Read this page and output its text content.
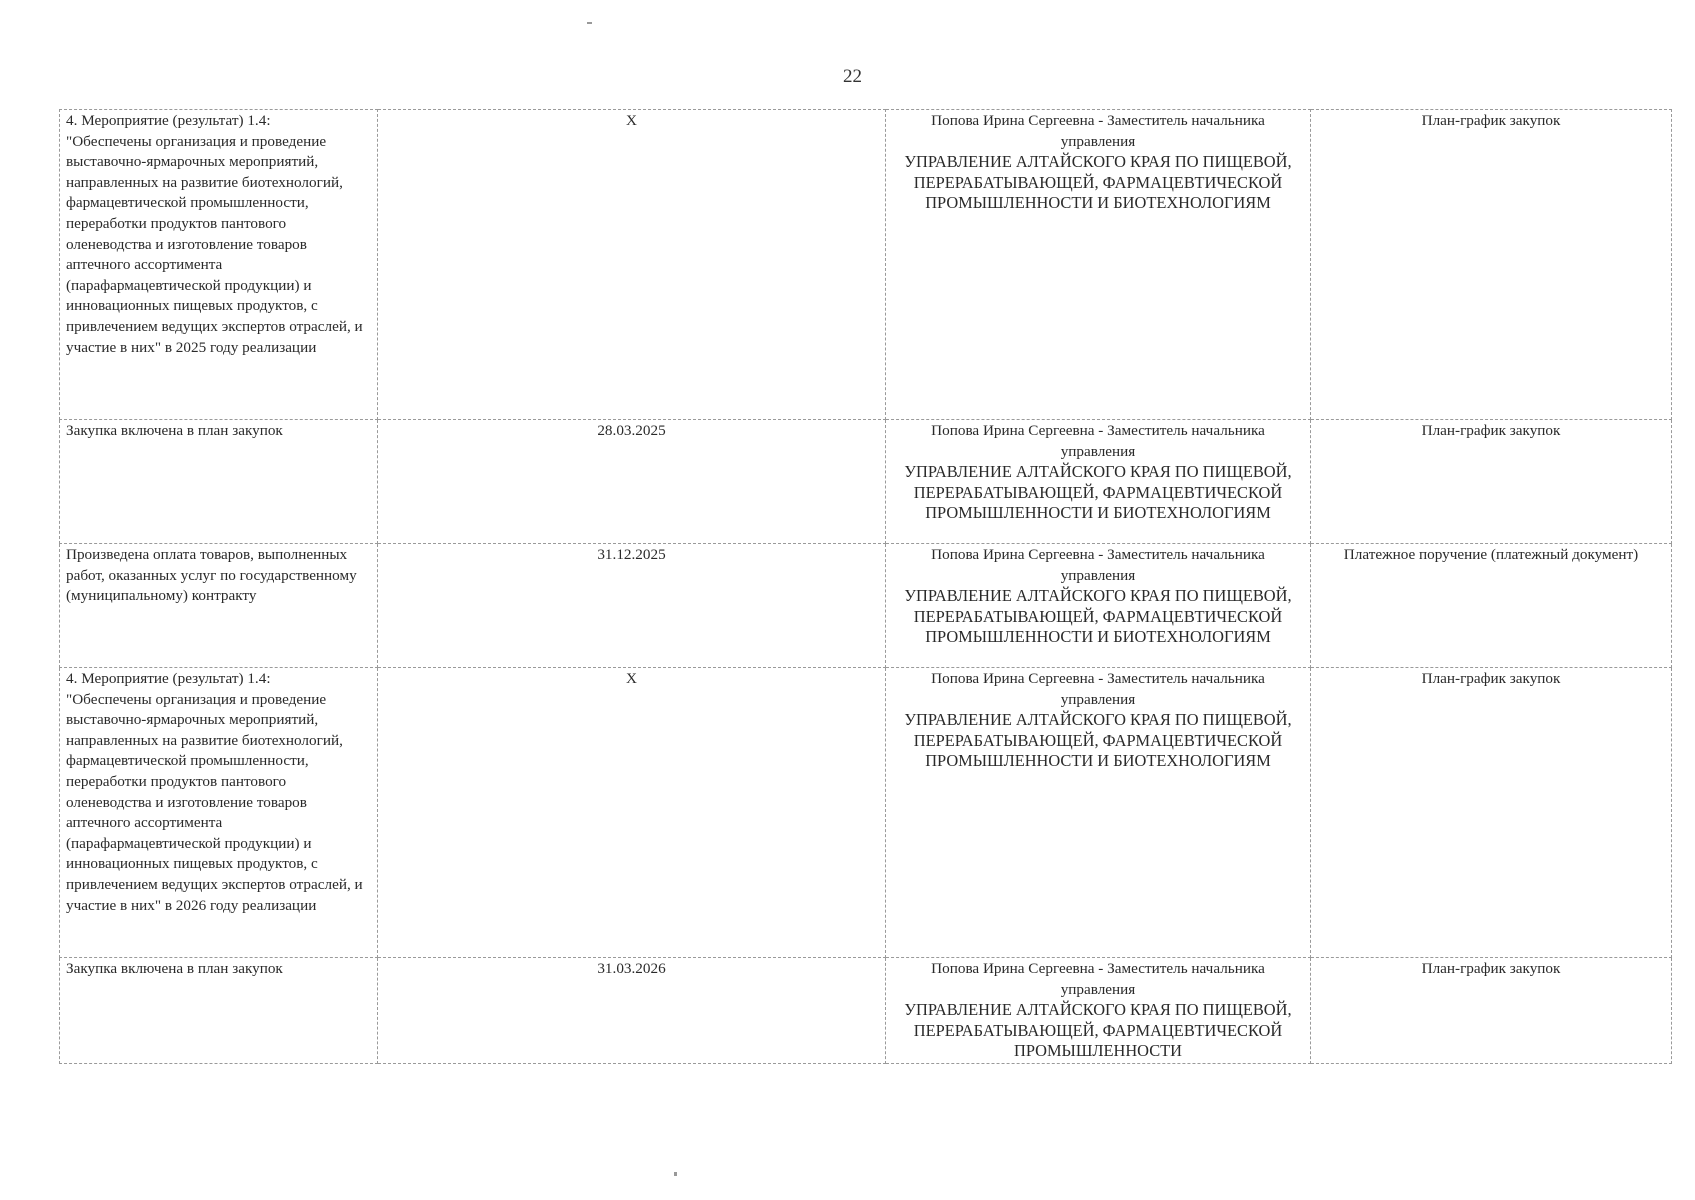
22
4. Мероприятие (результат) 1.4:
"Обеспечены организация и проведение выставочно-ярмарочных мероприятий, направленных на развитие биотехнологий, фармацевтической промышленности, переработки продуктов пантового оленеводства и изготовление товаров аптечного ассортимента (парафармацевтической продукции) и инновационных пищевых продуктов, с привлечением ведущих экспертов отраслей, и участие в них" в 2025 году реализации	X	Попова Ирина Сергеевна - Заместитель начальника управления
УПРАВЛЕНИЕ АЛТАЙСКОГО КРАЯ ПО ПИЩЕВОЙ, ПЕРЕРАБАТЫВАЮЩЕЙ, ФАРМАЦЕВТИЧЕСКОЙ ПРОМЫШЛЕННОСТИ И БИОТЕХНОЛОГИЯМ	План-график закупок
Закупка включена в план закупок	28.03.2025	Попова Ирина Сергеевна - Заместитель начальника управления
УПРАВЛЕНИЕ АЛТАЙСКОГО КРАЯ ПО ПИЩЕВОЙ, ПЕРЕРАБАТЫВАЮЩЕЙ, ФАРМАЦЕВТИЧЕСКОЙ ПРОМЫШЛЕННОСТИ И БИОТЕХНОЛОГИЯМ	План-график закупок
Произведена оплата товаров, выполненных работ, оказанных услуг по государственному (муниципальному) контракту	31.12.2025	Попова Ирина Сергеевна - Заместитель начальника управления
УПРАВЛЕНИЕ АЛТАЙСКОГО КРАЯ ПО ПИЩЕВОЙ, ПЕРЕРАБАТЫВАЮЩЕЙ, ФАРМАЦЕВТИЧЕСКОЙ ПРОМЫШЛЕННОСТИ И БИОТЕХНОЛОГИЯМ	Платежное поручение (платежный документ)
4. Мероприятие (результат) 1.4:
"Обеспечены организация и проведение выставочно-ярмарочных мероприятий, направленных на развитие биотехнологий, фармацевтической промышленности, переработки продуктов пантового оленеводства и изготовление товаров аптечного ассортимента (парафармацевтической продукции) и инновационных пищевых продуктов, с привлечением ведущих экспертов отраслей, и участие в них" в 2026 году реализации	X	Попова Ирина Сергеевна - Заместитель начальника управления
УПРАВЛЕНИЕ АЛТАЙСКОГО КРАЯ ПО ПИЩЕВОЙ, ПЕРЕРАБАТЫВАЮЩЕЙ, ФАРМАЦЕВТИЧЕСКОЙ ПРОМЫШЛЕННОСТИ И БИОТЕХНОЛОГИЯМ	План-график закупок
Закупка включена в план закупок	31.03.2026	Попова Ирина Сергеевна - Заместитель начальника управления
УПРАВЛЕНИЕ АЛТАЙСКОГО КРАЯ ПО ПИЩЕВОЙ, ПЕРЕРАБАТЫВАЮЩЕЙ, ФАРМАЦЕВТИЧЕСКОЙ ПРОМЫШЛЕННОСТИ	План-график закупок
